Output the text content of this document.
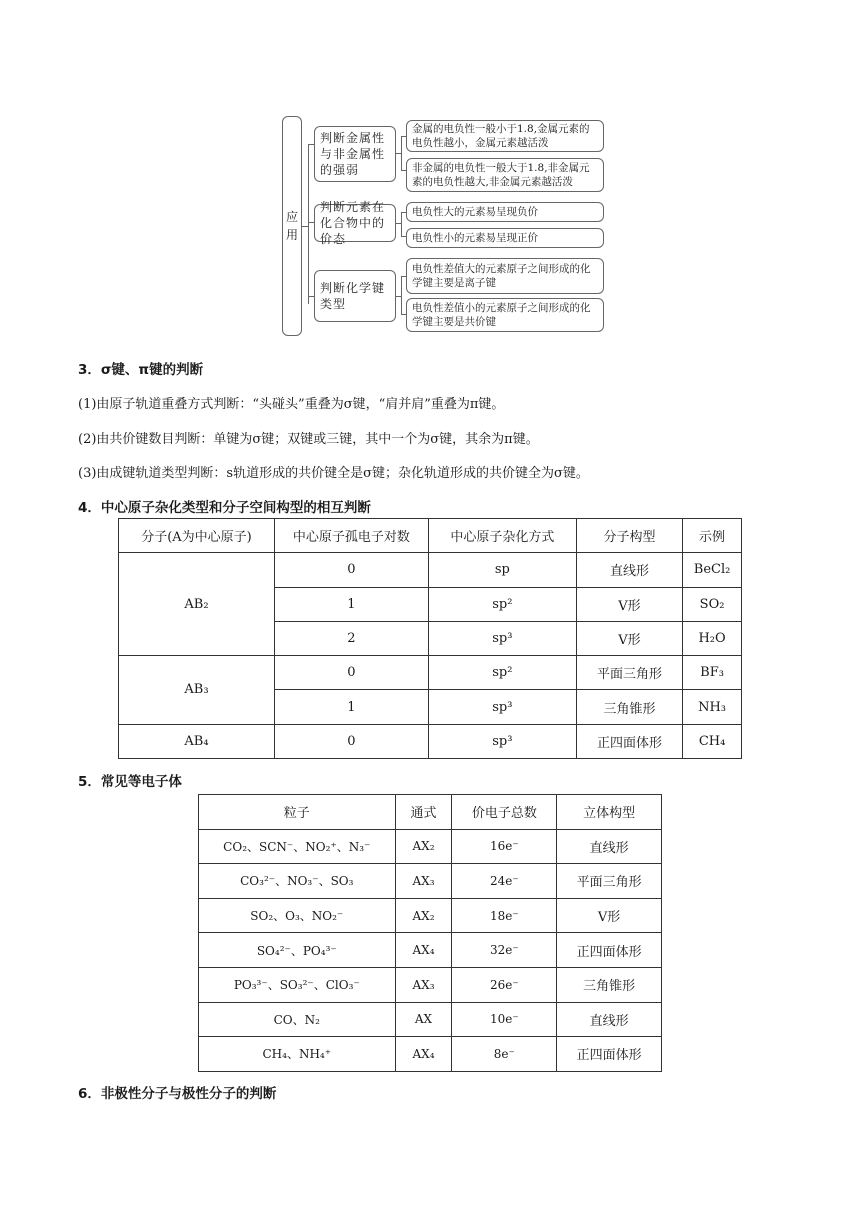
应用
判断金属性与非金属性的强弱
金属的电负性一般小于1.8,金属元素的电负性越小，金属元素越活泼
非金属的电负性一般大于1.8,非金属元素的电负性越大,非金属元素越活泼
判断元素在化合物中的价态
电负性大的元素易呈现负价
电负性小的元素易呈现正价
判断化学键类型
电负性差值大的元素原子之间形成的化学键主要是离子键
电负性差值小的元素原子之间形成的化学键主要是共价键
3．σ键、π键的判断
(1)由原子轨道重叠方式判断：“头碰头”重叠为σ键，“肩并肩”重叠为π键。
(2)由共价键数目判断：单键为σ键；双键或三键，其中一个为σ键，其余为π键。
(3)由成键轨道类型判断：s轨道形成的共价键全是σ键；杂化轨道形成的共价键全为σ键。
4．中心原子杂化类型和分子空间构型的相互判断
分子(A为中心原子)	中心原子孤电子对数	中心原子杂化方式	分子构型	示例
AB₂	0	sp	直线形	BeCl₂
	1	sp²	V形	SO₂
	2	sp³	V形	H₂O
AB₃	0	sp²	平面三角形	BF₃
	1	sp³	三角锥形	NH₃
AB₄	0	sp³	正四面体形	CH₄
5．常见等电子体
粒子	通式	价电子总数	立体构型
CO₂、SCN⁻、NO₂⁺、N₃⁻	AX₂	16e⁻	直线形
CO₃²⁻、NO₃⁻、SO₃	AX₃	24e⁻	平面三角形
SO₂、O₃、NO₂⁻	AX₂	18e⁻	V形
SO₄²⁻、PO₄³⁻	AX₄	32e⁻	正四面体形
PO₃³⁻、SO₃²⁻、ClO₃⁻	AX₃	26e⁻	三角锥形
CO、N₂	AX	10e⁻	直线形
CH₄、NH₄⁺	AX₄	8e⁻	正四面体形
6．非极性分子与极性分子的判断
